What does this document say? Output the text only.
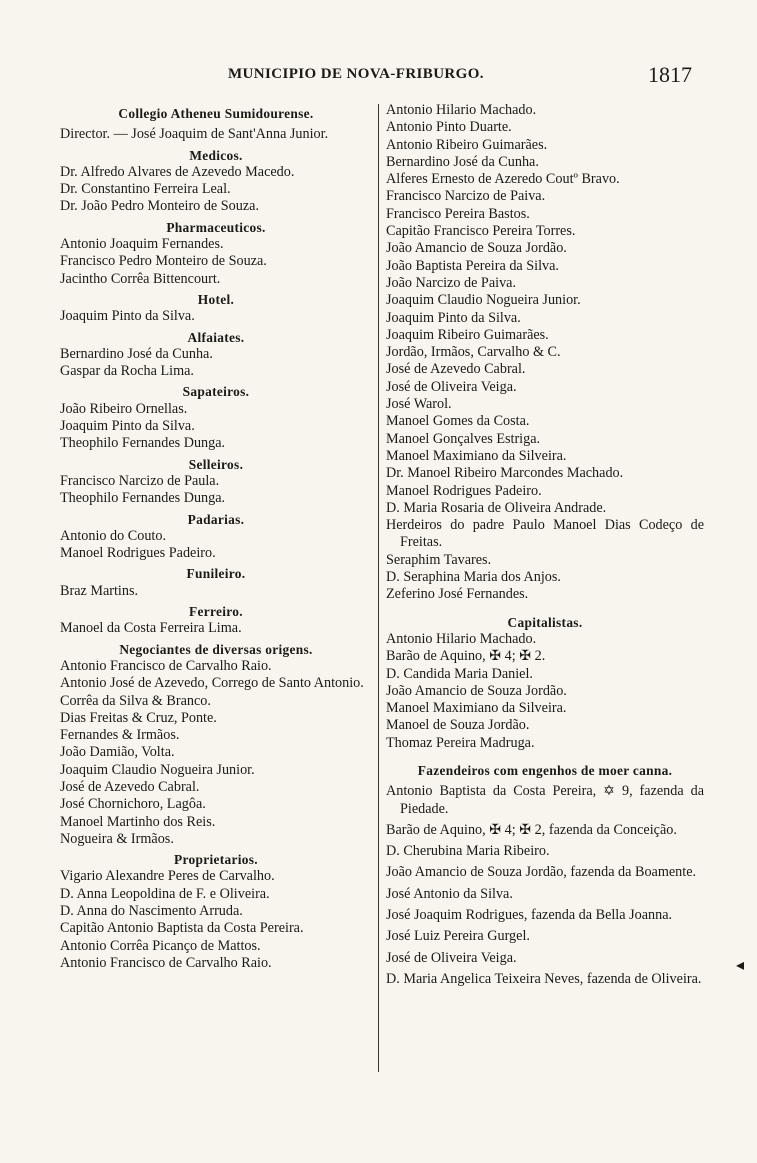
MUNICIPIO DE NOVA-FRIBURGO.	1817
Collegio Atheneu Sumidourense.
Director. — José Joaquim de Sant'Anna Junior.
Medicos.
Dr. Alfredo Alvares de Azevedo Macedo.
Dr. Constantino Ferreira Leal.
Dr. João Pedro Monteiro de Souza.
Pharmaceuticos.
Antonio Joaquim Fernandes.
Francisco Pedro Monteiro de Souza.
Jacintho Corrêa Bittencourt.
Hotel.
Joaquim Pinto da Silva.
Alfaiates.
Bernardino José da Cunha.
Gaspar da Rocha Lima.
Sapateiros.
João Ribeiro Ornellas.
Joaquim Pinto da Silva.
Theophilo Fernandes Dunga.
Selleiros.
Francisco Narcizo de Paula.
Theophilo Fernandes Dunga.
Padarias.
Antonio do Couto.
Manoel Rodrigues Padeiro.
Funileiro.
Braz Martins.
Ferreiro.
Manoel da Costa Ferreira Lima.
Negociantes de diversas origens.
Antonio Francisco de Carvalho Raio.
Antonio José de Azevedo, Corrego de Santo Antonio.
Corrêa da Silva & Branco.
Dias Freitas & Cruz, Ponte.
Fernandes & Irmãos.
João Damião, Volta.
Joaquim Claudio Nogueira Junior.
José de Azevedo Cabral.
José Chornichoro, Lagôa.
Manoel Martinho dos Reis.
Nogueira & Irmãos.
Proprietarios.
Vigario Alexandre Peres de Carvalho.
D. Anna Leopoldina de F. e Oliveira.
D. Anna do Nascimento Arruda.
Capitão Antonio Baptista da Costa Pereira.
Antonio Corrêa Picanço de Mattos.
Antonio Francisco de Carvalho Raio.
Antonio Hilario Machado.
Antonio Pinto Duarte.
Antonio Ribeiro Guimarães.
Bernardino José da Cunha.
Alferes Ernesto de Azeredo Coutº Bravo.
Francisco Narcizo de Paiva.
Francisco Pereira Bastos.
Capitão Francisco Pereira Torres.
João Amancio de Souza Jordão.
João Baptista Pereira da Silva.
João Narcizo de Paiva.
Joaquim Claudio Nogueira Junior.
Joaquim Pinto da Silva.
Joaquim Ribeiro Guimarães.
Jordão, Irmãos, Carvalho & C.
José de Azevedo Cabral.
José de Oliveira Veiga.
José Warol.
Manoel Gomes da Costa.
Manoel Gonçalves Estriga.
Manoel Maximiano da Silveira.
Dr. Manoel Ribeiro Marcondes Machado.
Manoel Rodrigues Padeiro.
D. Maria Rosaria de Oliveira Andrade.
Herdeiros do padre Paulo Manoel Dias Codeço de Freitas.
Seraphim Tavares.
D. Seraphina Maria dos Anjos.
Zeferino José Fernandes.
Capitalistas.
Antonio Hilario Machado.
Barão de Aquino, ✠ 4; ✠ 2.
D. Candida Maria Daniel.
João Amancio de Souza Jordão.
Manoel Maximiano da Silveira.
Manoel de Souza Jordão.
Thomaz Pereira Madruga.
Fazendeiros com engenhos de moer canna.
Antonio Baptista da Costa Pereira, ✡ 9, fazenda da Piedade.
Barão de Aquino, ✠ 4; ✠ 2, fazenda da Conceição.
D. Cherubina Maria Ribeiro.
João Amancio de Souza Jordão, fazenda da Boamente.
José Antonio da Silva.
José Joaquim Rodrigues, fazenda da Bella Joanna.
José Luiz Pereira Gurgel.
José de Oliveira Veiga.
D. Maria Angelica Teixeira Neves, fazenda de Oliveira.
◂
